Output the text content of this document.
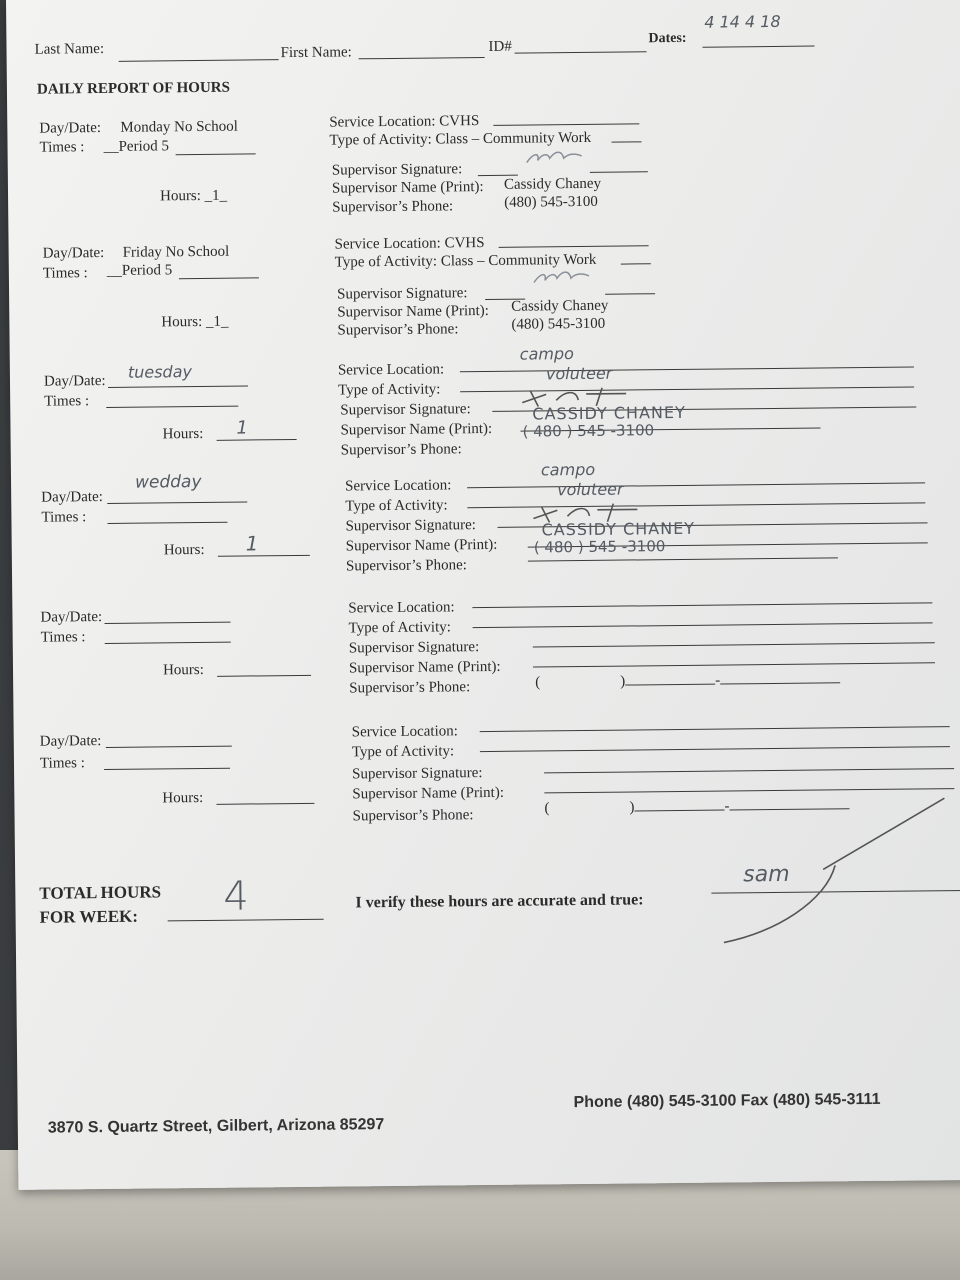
Last Name:	First Name:	ID#
Dates:
4 14 4 18
DAILY REPORT OF HOURS
Day/Date: Monday No School
Times : __Period 5
Hours: _1_
Service Location: CVHS
Type of Activity: Class – Community Work
Supervisor Signature:
Supervisor Name (Print): Cassidy Chaney
Supervisor’s Phone:	(480) 545-3100
Day/Date: Friday No School
Times : __Period 5
Hours: _1_
Service Location: CVHS
Type of Activity: Class – Community Work
Supervisor Signature:
Supervisor Name (Print): Cassidy Chaney
Supervisor’s Phone:	(480) 545-3100
Day/Date: tuesday
Times :
Hours: 1
Service Location:
campo
Type of Activity:
voluteer
Supervisor Signature:
Supervisor Name (Print):
CASSIDY CHANEY
Supervisor’s Phone:
( 480 ) 545 -3100
Day/Date:
wedday
Times :
Hours: 1
Service Location:
campo
Type of Activity:
voluteer
Supervisor Signature:
Supervisor Name (Print):
CASSIDY CHANEY
Supervisor’s Phone:
( 480 ) 545 -3100
Day/Date:
Times :
Hours:
Service Location:
Type of Activity:
Supervisor Signature:
Supervisor Name (Print):
Supervisor’s Phone:	(	)	-
Day/Date:
Times :
Hours:
Service Location:
Type of Activity:
Supervisor Signature:
Supervisor Name (Print):
Supervisor’s Phone:	(	)	-
TOTAL HOURS
FOR WEEK: 4	I verify these hours are accurate and true:
sam
3870 S. Quartz Street, Gilbert, Arizona 85297
Phone (480) 545-3100 Fax (480) 545-3111
